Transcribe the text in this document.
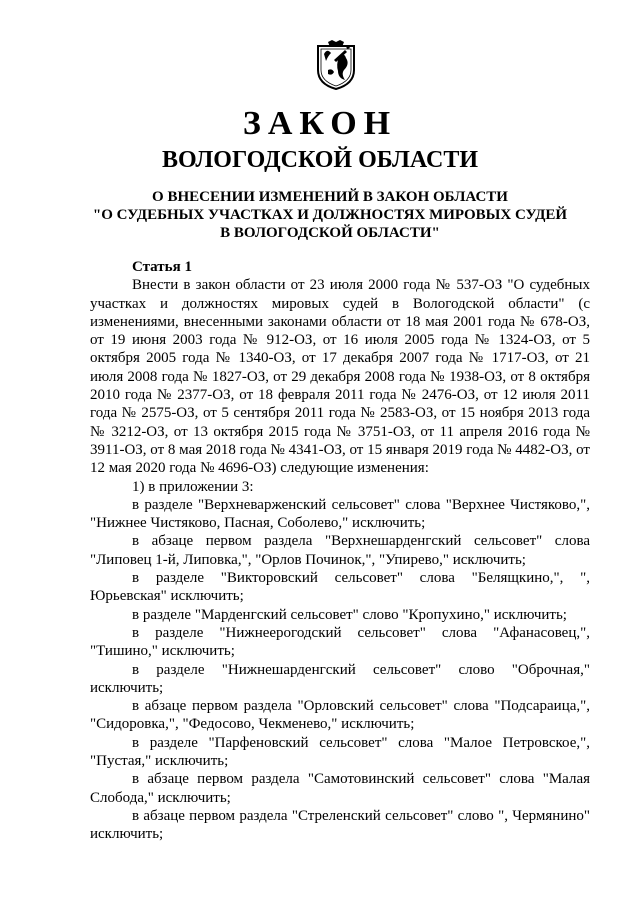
ЗАКОН
ВОЛОГОДСКОЙ ОБЛАСТИ
О ВНЕСЕНИИ ИЗМЕНЕНИЙ В ЗАКОН ОБЛАСТИ
"О СУДЕБНЫХ УЧАСТКАХ И ДОЛЖНОСТЯХ МИРОВЫХ СУДЕЙ
В ВОЛОГОДСКОЙ ОБЛАСТИ"

Статья 1

Внести в закон области от 23 июля 2000 года № 537-ОЗ "О судебных участках и должностях мировых судей в Вологодской области" (с изменениями, внесенными законами области от 18 мая 2001 года № 678-ОЗ, от 19 июня 2003 года № 912-ОЗ, от 16 июля 2005 года № 1324-ОЗ, от 5 октября 2005 года № 1340-ОЗ, от 17 декабря 2007 года № 1717-ОЗ, от 21 июля 2008 года № 1827-ОЗ, от 29 декабря 2008 года № 1938-ОЗ, от 8 октября 2010 года № 2377-ОЗ, от 18 февраля 2011 года № 2476-ОЗ, от 12 июля 2011 года № 2575-ОЗ, от 5 сентября 2011 года № 2583-ОЗ, от 15 ноября 2013 года № 3212-ОЗ, от 13 октября 2015 года № 3751-ОЗ, от 11 апреля 2016 года № 3911-ОЗ, от 8 мая 2018 года № 4341-ОЗ, от 15 января 2019 года № 4482-ОЗ, от 12 мая 2020 года № 4696-ОЗ) следующие изменения:

1) в приложении 3:

в разделе "Верхневарженский сельсовет" слова "Верхнее Чистяково,", "Нижнее Чистяково, Пасная, Соболево," исключить;

в абзаце первом раздела "Верхнешарденгский сельсовет" слова "Липовец 1-й, Липовка,", "Орлов Починок,", "Упирево," исключить;

в разделе "Викторовский сельсовет" слова "Белящкино,", ", Юрьевская" исключить;

в разделе "Марденгский сельсовет" слово "Кропухино," исключить;

в разделе "Нижнеерогодский сельсовет" слова "Афанасовец,", "Тишино," исключить;

в разделе "Нижнешарденгский сельсовет" слово "Оброчная," исключить;

в абзаце первом раздела "Орловский сельсовет" слова "Подсараица,", "Сидоровка,", "Федосово, Чекменево," исключить;

в разделе "Парфеновский сельсовет" слова "Малое Петровское,", "Пустая," исключить;

в абзаце первом раздела "Самотовинский сельсовет" слова "Малая Слобода," исключить;

в абзаце первом раздела "Стреленский сельсовет" слово ", Чермянино" исключить;
